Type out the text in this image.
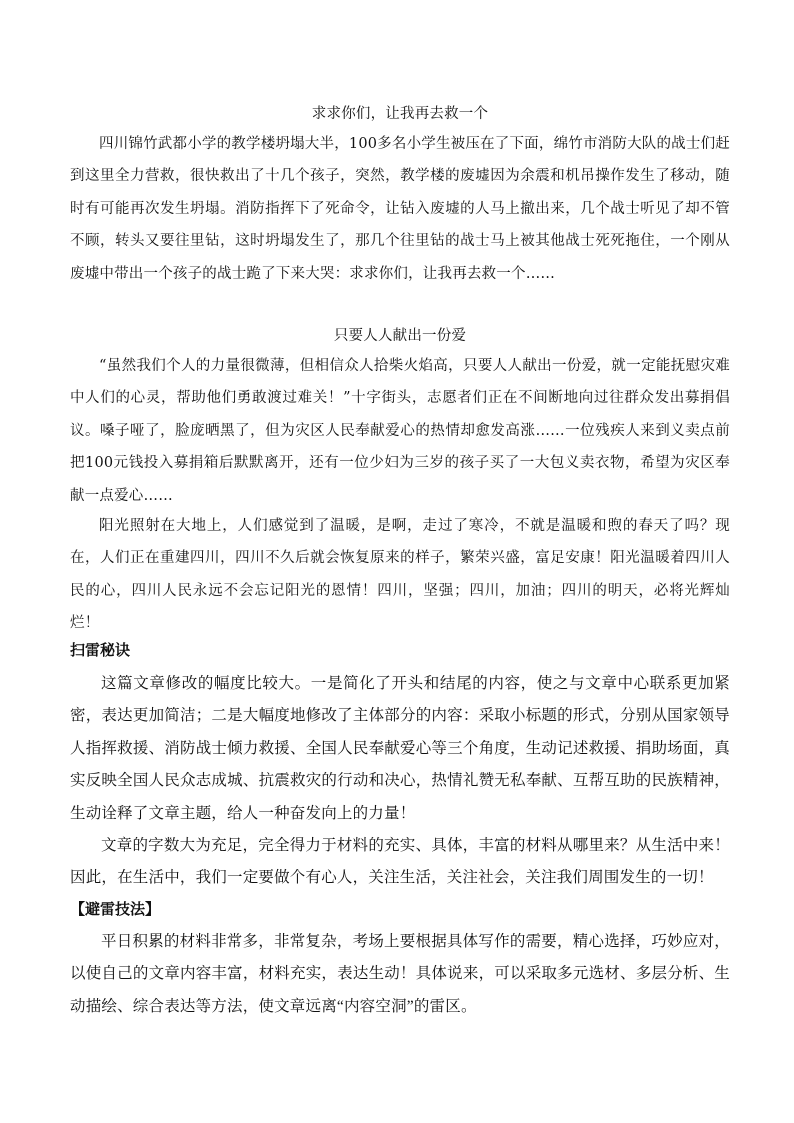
求求你们，让我再去救一个

四川锦竹武都小学的教学楼坍塌大半，100多名小学生被压在了下面，绵竹市消防大队的战士们赶到这里全力营救，很快救出了十几个孩子，突然，教学楼的废墟因为余震和机吊操作发生了移动，随时有可能再次发生坍塌。消防指挥下了死命令，让钻入废墟的人马上撤出来，几个战士听见了却不管不顾，转头又要往里钻，这时坍塌发生了，那几个往里钻的战士马上被其他战士死死拖住，一个刚从废墟中带出一个孩子的战士跪了下来大哭：求求你们，让我再去救一个……

只要人人献出一份爱

“虽然我们个人的力量很微薄，但相信众人拾柴火焰高，只要人人献出一份爱，就一定能抚慰灾难中人们的心灵，帮助他们勇敢渡过难关！”十字街头，志愿者们正在不间断地向过往群众发出募捐倡议。嗓子哑了，脸庞晒黑了，但为灾区人民奉献爱心的热情却愈发高涨……一位残疾人来到义卖点前把100元钱投入募捐箱后默默离开，还有一位少妇为三岁的孩子买了一大包义卖衣物，希望为灾区奉献一点爱心……

阳光照射在大地上，人们感觉到了温暖，是啊，走过了寒冷，不就是温暖和煦的春天了吗？现在，人们正在重建四川，四川不久后就会恢复原来的样子，繁荣兴盛，富足安康！阳光温暖着四川人民的心，四川人民永远不会忘记阳光的恩情！四川，坚强；四川，加油；四川的明天，必将光辉灿烂！

扫雷秘诀

这篇文章修改的幅度比较大。一是简化了开头和结尾的内容，使之与文章中心联系更加紧密，表达更加简洁；二是大幅度地修改了主体部分的内容：采取小标题的形式，分别从国家领导人指挥救援、消防战士倾力救援、全国人民奉献爱心等三个角度，生动记述救援、捐助场面，真实反映全国人民众志成城、抗震救灾的行动和决心，热情礼赞无私奉献、互帮互助的民族精神，生动诠释了文章主题，给人一种奋发向上的力量！

文章的字数大为充足，完全得力于材料的充实、具体，丰富的材料从哪里来？从生活中来！因此，在生活中，我们一定要做个有心人，关注生活，关注社会，关注我们周围发生的一切！

【避雷技法】

平日积累的材料非常多，非常复杂，考场上要根据具体写作的需要，精心选择，巧妙应对，以使自己的文章内容丰富，材料充实，表达生动！具体说来，可以采取多元选材、多层分析、生动描绘、综合表达等方法，使文章远离“内容空洞”的雷区。
